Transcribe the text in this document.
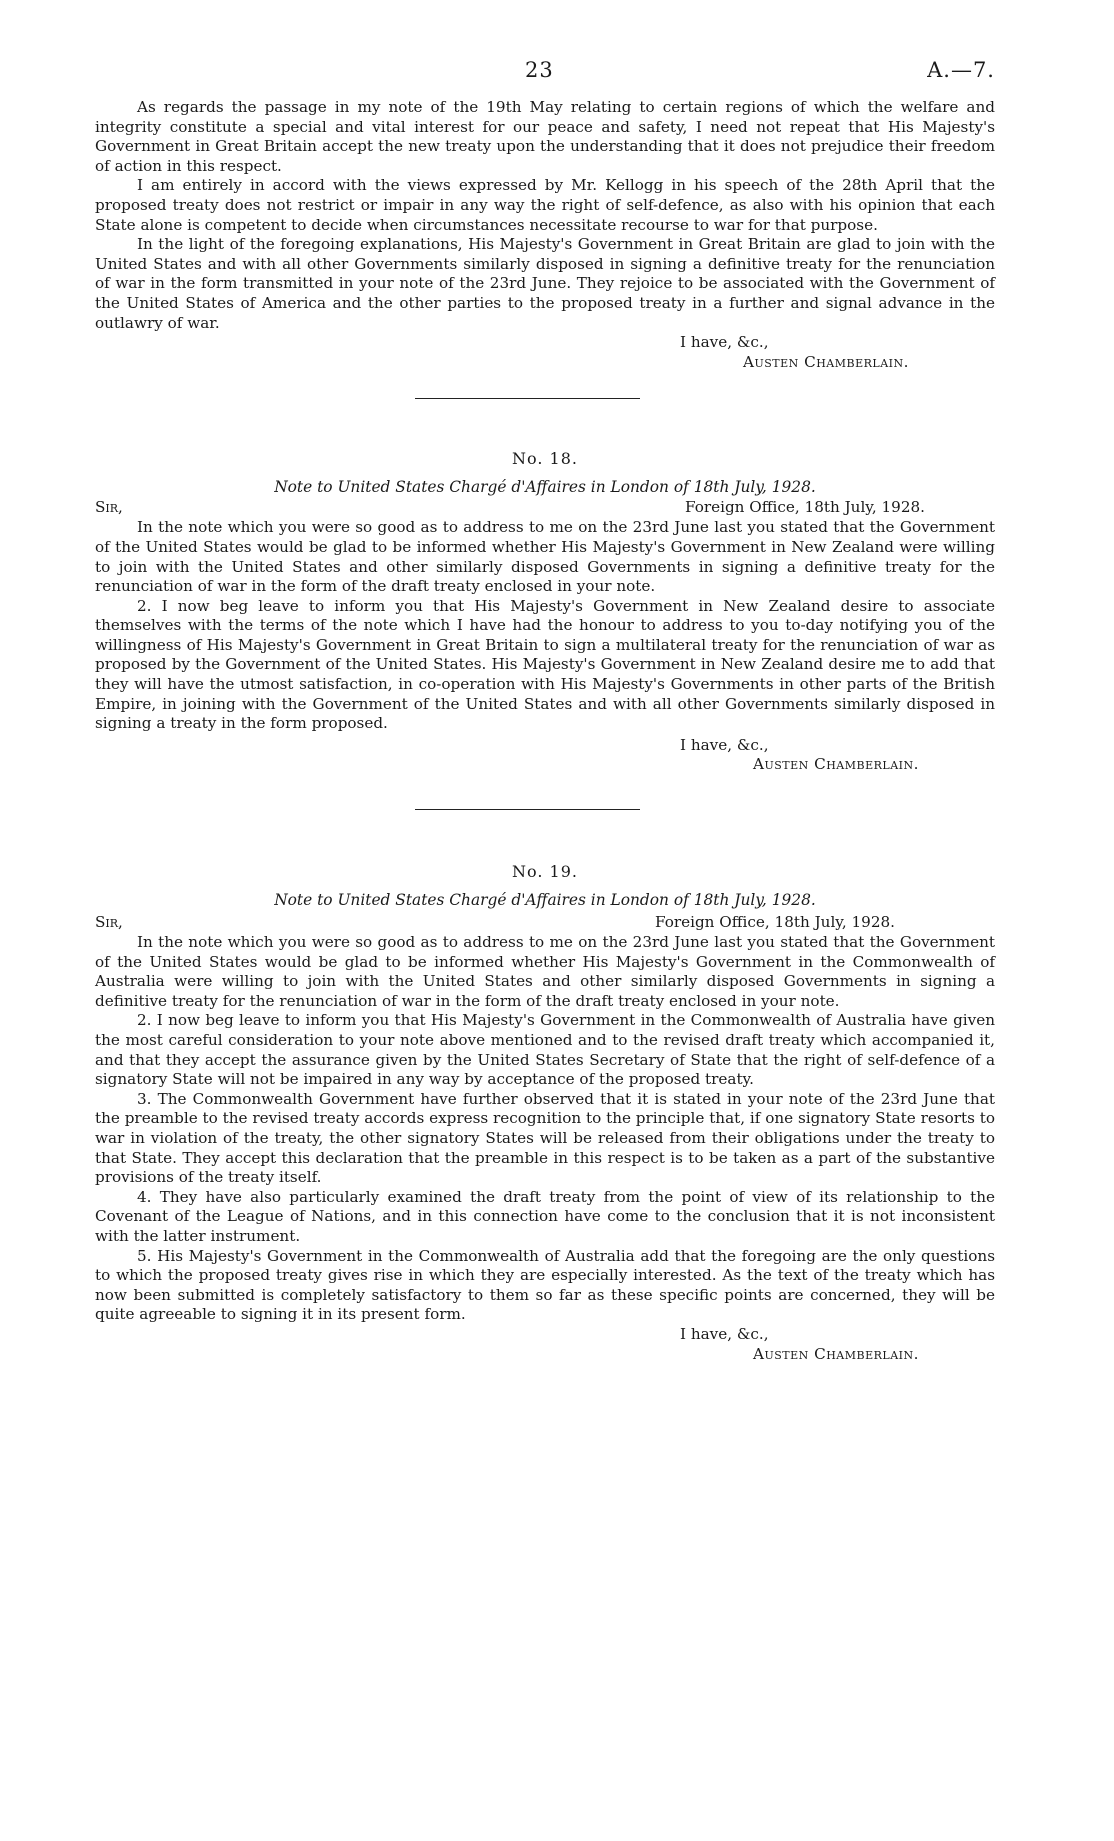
23	A.—7.

As regards the passage in my note of the 19th May relating to certain regions of which the welfare and integrity constitute a special and vital interest for our peace and safety, I need not repeat that His Majesty's Government in Great Britain accept the new treaty upon the understanding that it does not prejudice their freedom of action in this respect.

I am entirely in accord with the views expressed by Mr. Kellogg in his speech of the 28th April that the proposed treaty does not restrict or impair in any way the right of self-defence, as also with his opinion that each State alone is competent to decide when circumstances necessitate recourse to war for that purpose.

In the light of the foregoing explanations, His Majesty's Government in Great Britain are glad to join with the United States and with all other Governments similarly disposed in signing a definitive treaty for the renunciation of war in the form transmitted in your note of the 23rd June. They rejoice to be associated with the Government of the United States of America and the other parties to the proposed treaty in a further and signal advance in the outlawry of war.

I have, &c.,

Austen Chamberlain.

No. 18.

Note to United States Chargé d'Affaires in London of 18th July, 1928.

Sir,	Foreign Office, 18th July, 1928.

In the note which you were so good as to address to me on the 23rd June last you stated that the Government of the United States would be glad to be informed whether His Majesty's Government in New Zealand were willing to join with the United States and other similarly disposed Governments in signing a definitive treaty for the renunciation of war in the form of the draft treaty enclosed in your note.

2. I now beg leave to inform you that His Majesty's Government in New Zealand desire to associate themselves with the terms of the note which I have had the honour to address to you to-day notifying you of the willingness of His Majesty's Government in Great Britain to sign a multilateral treaty for the renunciation of war as proposed by the Government of the United States. His Majesty's Government in New Zealand desire me to add that they will have the utmost satisfaction, in co-operation with His Majesty's Governments in other parts of the British Empire, in joining with the Government of the United States and with all other Governments similarly disposed in signing a treaty in the form proposed.

I have, &c.,

Austen Chamberlain.

No. 19.

Note to United States Chargé d'Affaires in London of 18th July, 1928.

Sir,	Foreign Office, 18th July, 1928.

In the note which you were so good as to address to me on the 23rd June last you stated that the Government of the United States would be glad to be informed whether His Majesty's Government in the Commonwealth of Australia were willing to join with the United States and other similarly disposed Governments in signing a definitive treaty for the renunciation of war in the form of the draft treaty enclosed in your note.

2. I now beg leave to inform you that His Majesty's Government in the Commonwealth of Australia have given the most careful consideration to your note above mentioned and to the revised draft treaty which accompanied it, and that they accept the assurance given by the United States Secretary of State that the right of self-defence of a signatory State will not be impaired in any way by acceptance of the proposed treaty.

3. The Commonwealth Government have further observed that it is stated in your note of the 23rd June that the preamble to the revised treaty accords express recognition to the principle that, if one signatory State resorts to war in violation of the treaty, the other signatory States will be released from their obligations under the treaty to that State. They accept this declaration that the preamble in this respect is to be taken as a part of the substantive provisions of the treaty itself.

4. They have also particularly examined the draft treaty from the point of view of its relationship to the Covenant of the League of Nations, and in this connection have come to the conclusion that it is not inconsistent with the latter instrument.

5. His Majesty's Government in the Commonwealth of Australia add that the foregoing are the only questions to which the proposed treaty gives rise in which they are especially interested. As the text of the treaty which has now been submitted is completely satisfactory to them so far as these specific points are concerned, they will be quite agreeable to signing it in its present form.

I have, &c.,

Austen Chamberlain.
